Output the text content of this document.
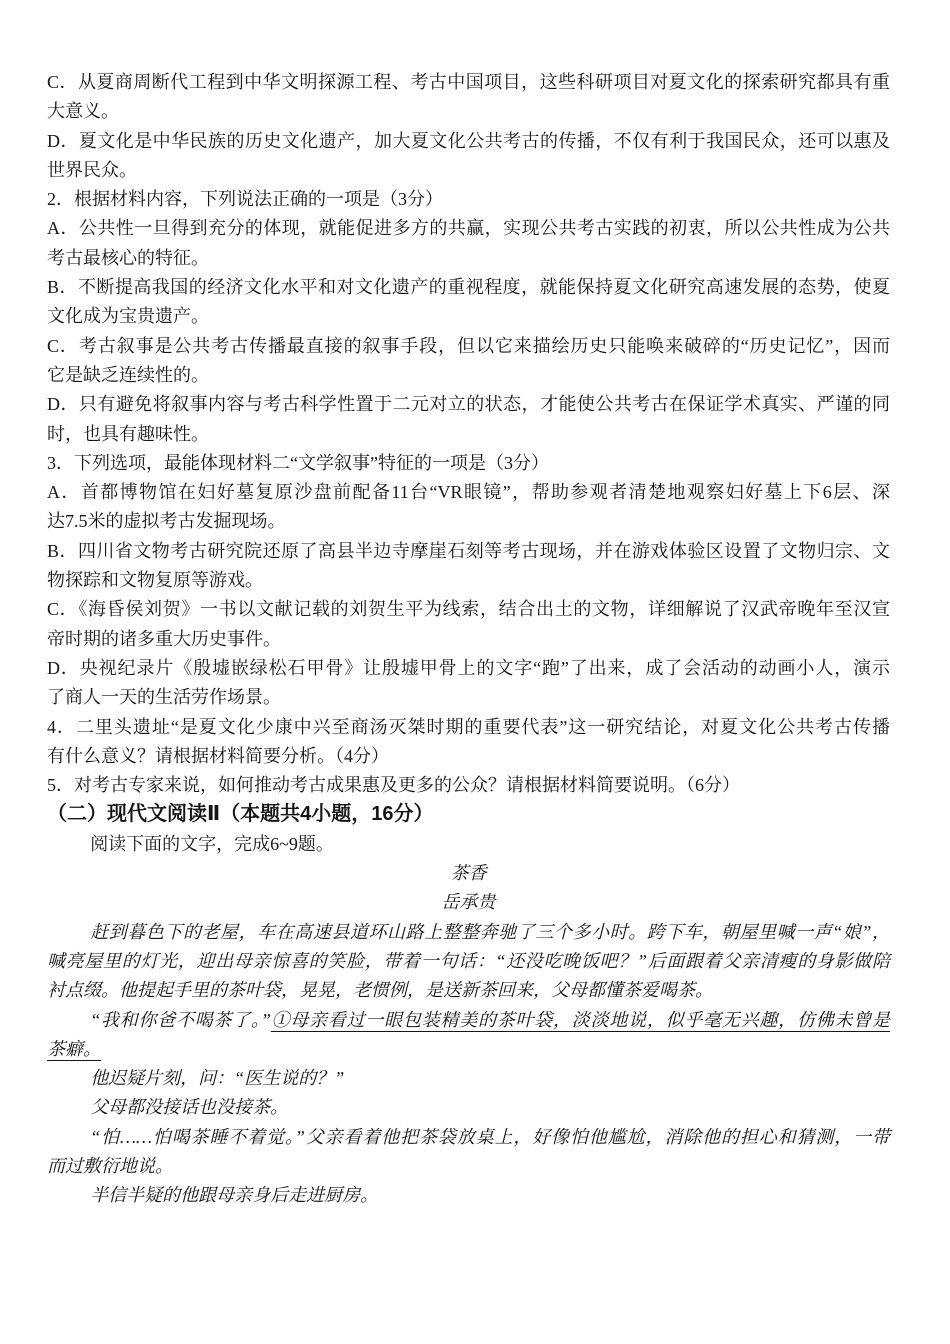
C．从夏商周断代工程到中华文明探源工程、考古中国项目，这些科研项目对夏文化的探索研究都具有重
大意义。
D．夏文化是中华民族的历史文化遗产，加大夏文化公共考古的传播，不仅有利于我国民众，还可以惠及
世界民众。
2．根据材料内容，下列说法正确的一项是（3分）
A．公共性一旦得到充分的体现，就能促进多方的共赢，实现公共考古实践的初衷，所以公共性成为公共
考古最核心的特征。
B．不断提高我国的经济文化水平和对文化遗产的重视程度，就能保持夏文化研究高速发展的态势，使夏
文化成为宝贵遗产。
C．考古叙事是公共考古传播最直接的叙事手段，但以它来描绘历史只能唤来破碎的“历史记忆”，因而
它是缺乏连续性的。
D．只有避免将叙事内容与考古科学性置于二元对立的状态，才能使公共考古在保证学术真实、严谨的同
时，也具有趣味性。
3．下列选项，最能体现材料二“文学叙事”特征的一项是（3分）
A．首都博物馆在妇好墓复原沙盘前配备11台“VR眼镜”，帮助参观者清楚地观察妇好墓上下6层、深
达7.5米的虚拟考古发掘现场。
B．四川省文物考古研究院还原了高县半边寺摩崖石刻等考古现场，并在游戏体验区设置了文物归宗、文
物探踪和文物复原等游戏。
C．《海昏侯刘贺》一书以文献记载的刘贺生平为线索，结合出土的文物，详细解说了汉武帝晚年至汉宣
帝时期的诸多重大历史事件。
D．央视纪录片《殷墟嵌绿松石甲骨》让殷墟甲骨上的文字“跑”了出来，成了会活动的动画小人，演示
了商人一天的生活劳作场景。
4．二里头遗址“是夏文化少康中兴至商汤灭桀时期的重要代表”这一研究结论，对夏文化公共考古传播
有什么意义？请根据材料简要分析。（4分）
5．对考古专家来说，如何推动考古成果惠及更多的公众？请根据材料简要说明。（6分）
（二）现代文阅读Ⅱ（本题共4小题，16分）
阅读下面的文字，完成6~9题。
茶香
岳承贵
赶到暮色下的老屋，车在高速县道环山路上整整奔驰了三个多小时。跨下车，朝屋里喊一声“娘”，
喊亮屋里的灯光，迎出母亲惊喜的笑脸，带着一句话：“还没吃晚饭吧？”后面跟着父亲清瘦的身影做陪
衬点缀。他提起手里的茶叶袋，晃晃，老惯例，是送新茶回来，父母都懂茶爱喝茶。
“我和你爸不喝茶了。”①母亲看过一眼包装精美的茶叶袋，淡淡地说，似乎毫无兴趣，仿佛未曾是
茶癖。
他迟疑片刻，问：“医生说的？”
父母都没接话也没接茶。
“怕……怕喝茶睡不着觉。”父亲看着他把茶袋放桌上，好像怕他尴尬，消除他的担心和猜测，一带
而过敷衍地说。
半信半疑的他跟母亲身后走进厨房。
